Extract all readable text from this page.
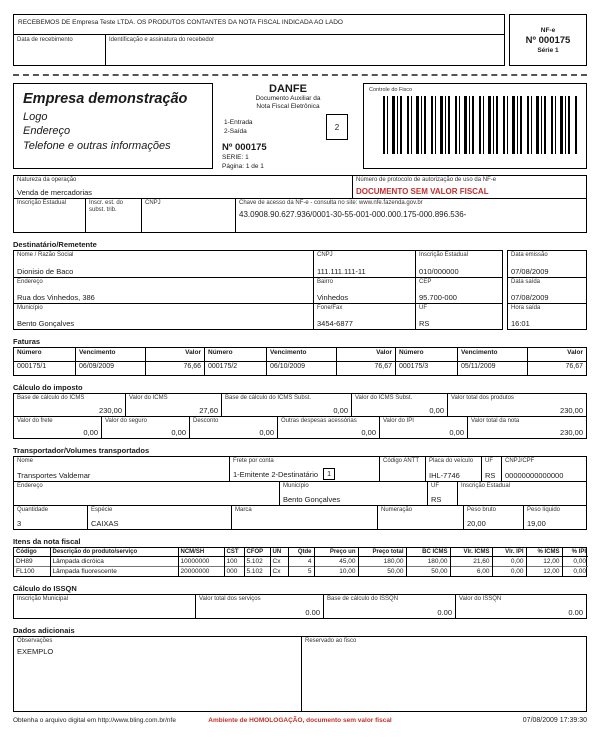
RECEBEMOS DE Empresa Teste LTDA. OS PRODUTOS CONTANTES DA NOTA FISCAL INDICADA AO LADO
Data de recebimento	Identificação e assinatura do recebedor
NF-e
Nº 000175
Série 1
Empresa demonstração
Logo
Endereço
Telefone e outras informações
DANFE
Documento Auxiliar da
Nota Fiscal Eletrônica
1-Entrada
2-Saída	2
Nº 000175
SERIE: 1
Página: 1 de 1
Controle do Fisco
Natureza da operação
Venda de mercadorias
Número de protocolo de autorização de uso da NF-e
DOCUMENTO SEM VALOR FISCAL
Inscrição Estadual	Inscr. est. do subst. trib.
CNPJ	Chave de acesso da NF-e - consulta no site: www.nfe.fazenda.gov.br
43.0908.90.627.936/0001-30-55-001-000.000.175-000.896.536-
Destinatário/Remetente
Nome / Razão Social
Dionisio de Baco
CNPJ
111.111.111-11
Inscrição Estadual
010/000000
Endereço
Rua dos Vinhedos, 386
Bairro
Vinhedos
CEP
95.700-000
Município
Bento Gonçalves
Fone/Fax
3454-6877
UF
RS
Data emissão
07/08/2009
Data saída
07/08/2009
Hora saída
16:01
Faturas
Número	Vencimento	Valor	Número	Vencimento	Valor	Número	Vencimento	Valor
000175/1	06/09/2009	76,66	000175/2	06/10/2009	76,67	000175/3	05/11/2009	76,67
Cálculo do imposto
Base de cálculo do ICMS
230,00
Valor do ICMS
27,60
Base de cálculo do ICMS Subst.
0,00
Valor do ICMS Subst.
0,00
Valor total dos produtos
230,00
Valor do frete
0,00
Valor do seguro
0,00
Desconto
0,00
Outras despesas acessórias
0,00
Valor do IPI
0,00
Valor total da nota
230,00
Transportador/Volumes transportados
Nome
Transportes Valdemar
Frete por conta
1-Emitente 2-Destinatário	1
Código ANTT	Placa do veículo
IHL-7746
UF
RS
CNPJ/CPF
00000000000000
Endereço	Município
Bento Gonçalves
UF
RS
Inscrição Estadual
Quantidade
3
Espécie
CAIXAS
Marca	Numeração	Peso bruto
20,00
Peso líquido
19,00
Itens da nota fiscal
Código	Descrição do produto/serviço	NCM/SH	CST	CFOP	UN	Qtde	Preço un	Preço total	BC ICMS	Vlr. ICMS	Vlr. IPI	% ICMS	% IPI
DH89	Lâmpada dicróica	10000000	100	5.102	Cx	4	45,00	180,00	180,00	21,60	0,00	12,00	0,00
FL100	Lâmpada fluorescente	20000000	000	5.102	Cx	5	10,00	50,00	50,00	6,00	0,00	12,00	0,00
Cálculo do ISSQN
Inscrição Municipal	Valor total dos serviços
0.00
Base de cálculo do ISSQN
0.00
Valor do ISSQN
0.00
Dados adicionais
Observações
EXEMPLO
Reservado ao fisco
Obtenha o arquivo digital em http://www.bling.com.br/nfe	Ambiente de HOMOLOGAÇÃO, documento sem valor fiscal	07/08/2009 17:39:30
